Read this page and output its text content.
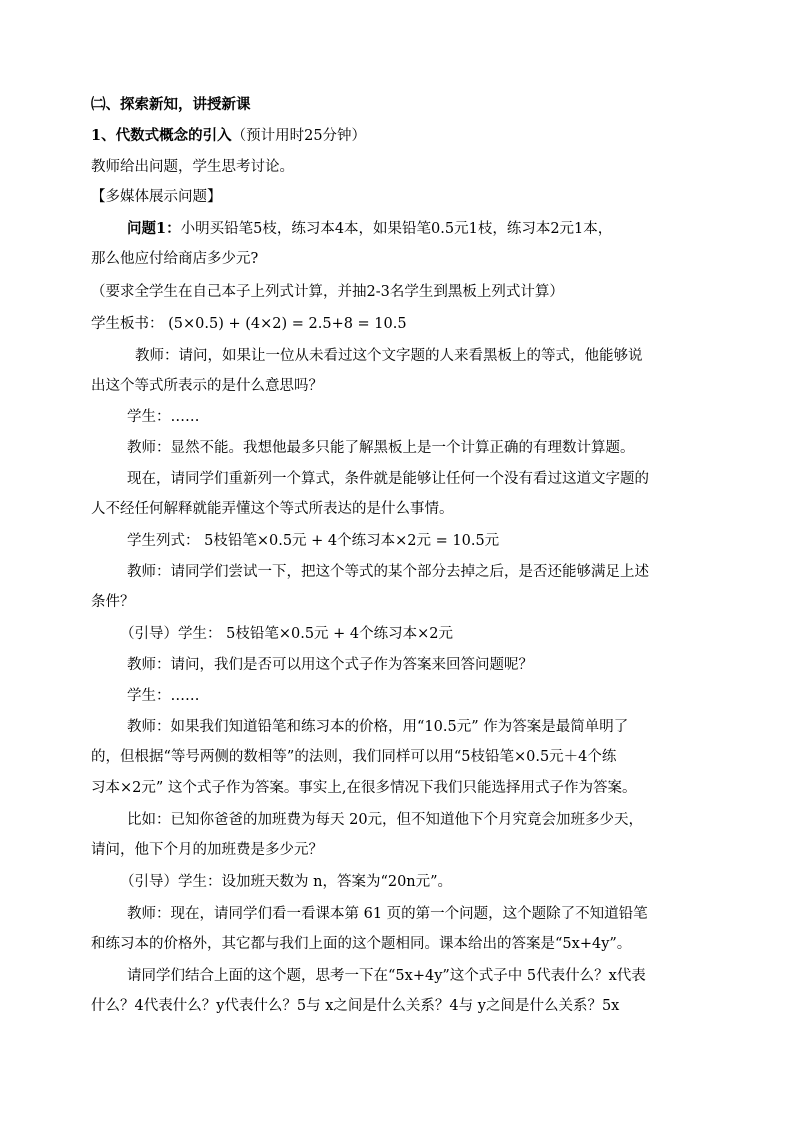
㈡、探索新知，讲授新课
1、代数式概念的引入（预计用时25分钟）
教师给出问题，学生思考讨论。
【多媒体展示问题】
问题1：小明买铅笔5枝，练习本4本，如果铅笔0.5元1枝，练习本2元1本，
那么他应付给商店多少元?
（要求全学生在自己本子上列式计算，并抽2-3名学生到黑板上列式计算）
学生板书： (5×0.5) + (4×2) = 2.5+8 = 10.5
教师：请问，如果让一位从未看过这个文字题的人来看黑板上的等式，他能够说
出这个等式所表示的是什么意思吗？
学生：……
教师：显然不能。我想他最多只能了解黑板上是一个计算正确的有理数计算题。
现在，请同学们重新列一个算式，条件就是能够让任何一个没有看过这道文字题的
人不经任何解释就能弄懂这个等式所表达的是什么事情。
学生列式： 5枝铅笔×0.5元 + 4个练习本×2元 = 10.5元
教师：请同学们尝试一下，把这个等式的某个部分去掉之后，是否还能够满足上述
条件？
（引导）学生： 5枝铅笔×0.5元 + 4个练习本×2元
教师：请问，我们是否可以用这个式子作为答案来回答问题呢？
学生：……
教师：如果我们知道铅笔和练习本的价格，用“10.5元” 作为答案是最简单明了
的，但根据“等号两侧的数相等”的法则，我们同样可以用“5枝铅笔×0.5元＋4个练
习本×2元” 这个式子作为答案。事实上,在很多情况下我们只能选择用式子作为答案。
比如：已知你爸爸的加班费为每天 20元，但不知道他下个月究竟会加班多少天，
请问，他下个月的加班费是多少元？
（引导）学生：设加班天数为 n，答案为“20n元”。
教师：现在，请同学们看一看课本第 61 页的第一个问题，这个题除了不知道铅笔
和练习本的价格外，其它都与我们上面的这个题相同。课本给出的答案是“5x+4y”。
请同学们结合上面的这个题，思考一下在“5x+4y”这个式子中 5代表什么？x代表
什么？4代表什么？y代表什么？5与 x之间是什么关系？4与 y之间是什么关系？5x
